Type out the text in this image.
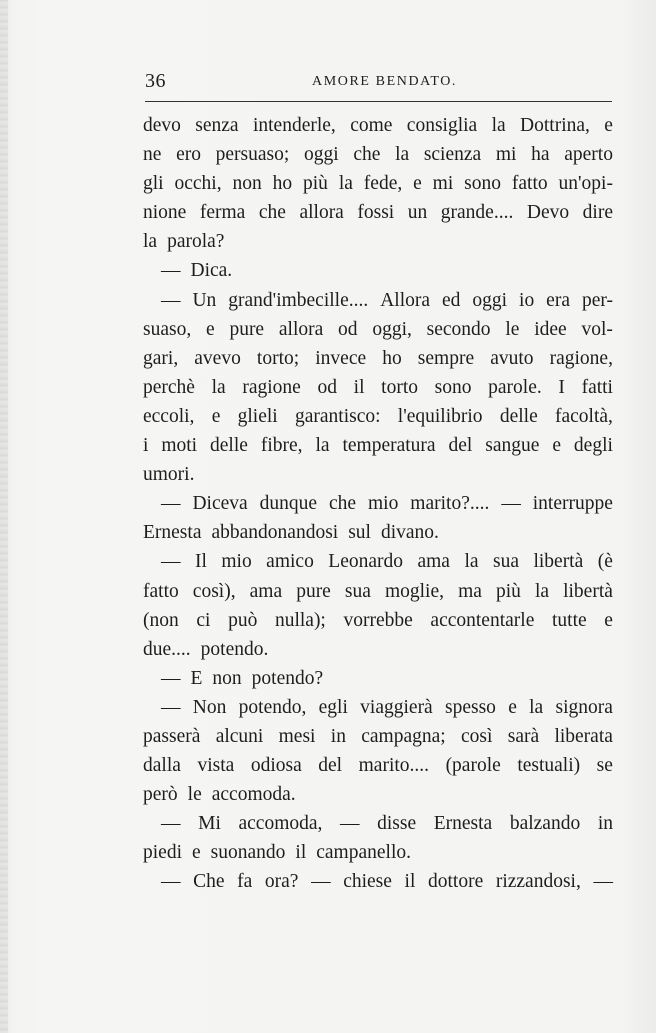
36	AMORE BENDATO.
devo senza intenderle, come consiglia la Dottrina, e
ne ero persuaso; oggi che la scienza mi ha aperto
gli occhi, non ho più la fede, e mi sono fatto un'opi-
nione ferma che allora fossi un grande.... Devo dire
la parola?
— Dica.
— Un grand'imbecille.... Allora ed oggi io era per-
suaso, e pure allora od oggi, secondo le idee vol-
gari, avevo torto; invece ho sempre avuto ragione,
perchè la ragione od il torto sono parole. I fatti
eccoli, e glieli garantisco: l'equilibrio delle facoltà,
i moti delle fibre, la temperatura del sangue e degli
umori.
— Diceva dunque che mio marito?.... — interruppe
Ernesta abbandonandosi sul divano.
— Il mio amico Leonardo ama la sua libertà (è
fatto così), ama pure sua moglie, ma più la libertà
(non ci può nulla); vorrebbe accontentarle tutte e
due.... potendo.
— E non potendo?
— Non potendo, egli viaggierà spesso e la signora
passerà alcuni mesi in campagna; così sarà liberata
dalla vista odiosa del marito.... (parole testuali) se
però le accomoda.
— Mi accomoda, — disse Ernesta balzando in
piedi e suonando il campanello.
— Che fa ora? — chiese il dottore rizzandosi, —
